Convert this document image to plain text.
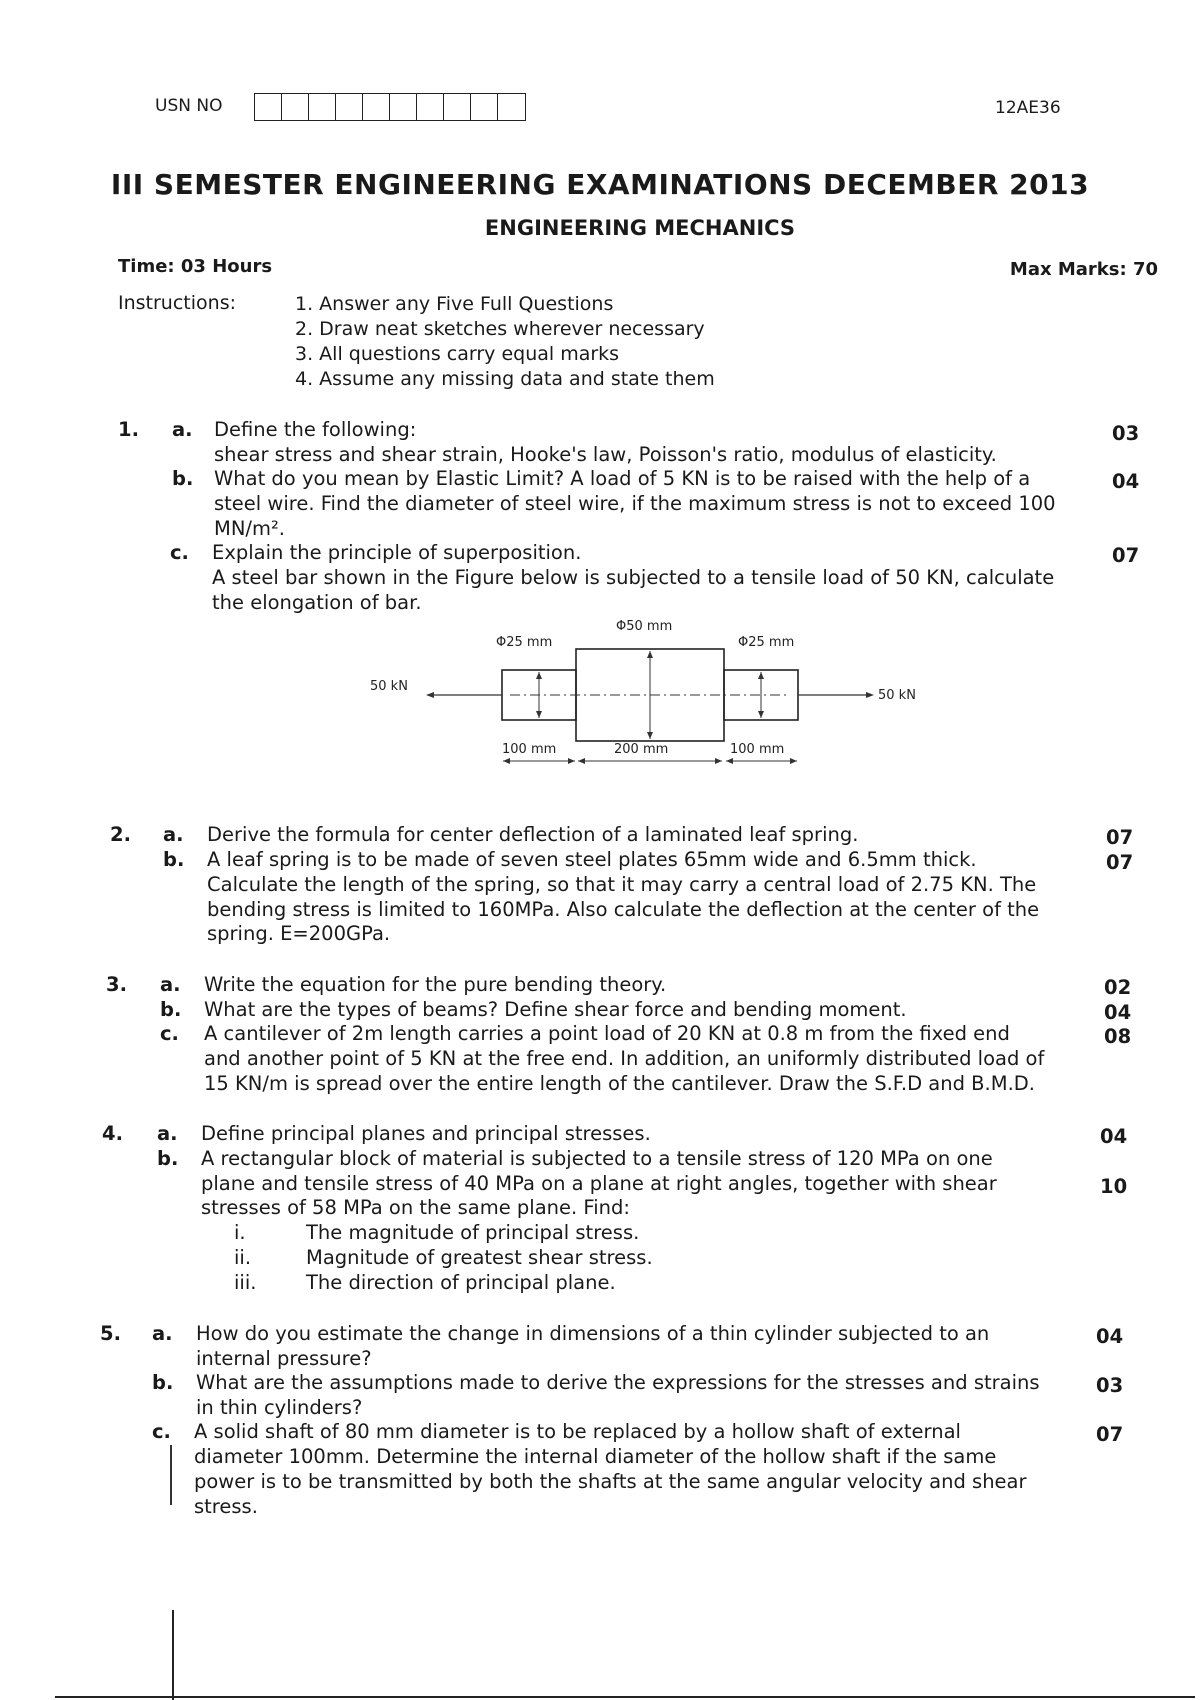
USN NO	12AE36
III SEMESTER ENGINEERING EXAMINATIONS DECEMBER 2013
ENGINEERING MECHANICS
Time: 03 Hours	Max Marks: 70
Instructions:	1. Answer any Five Full Questions
2. Draw neat sketches wherever necessary
3. All questions carry equal marks
4. Assume any missing data and state them
1. a. Define the following:
shear stress and shear strain, Hooke's law, Poisson's ratio, modulus of elasticity.
03
b. What do you mean by Elastic Limit? A load of 5 KN is to be raised with the help of a
steel wire. Find the diameter of steel wire, if the maximum stress is not to exceed 100
MN/m².
04
c. Explain the principle of superposition.
A steel bar shown in the Figure below is subjected to a tensile load of 50 KN, calculate
the elongation of bar.
07
Φ25 mm
Φ50 mm
Φ25 mm
50 kN
50 kN
100 mm	200 mm	100 mm
2. a. Derive the formula for center deflection of a laminated leaf spring.	07
b. A leaf spring is to be made of seven steel plates 65mm wide and 6.5mm thick.
Calculate the length of the spring, so that it may carry a central load of 2.75 KN. The
bending stress is limited to 160MPa. Also calculate the deflection at the center of the
spring. E=200GPa.
07
3. a. Write the equation for the pure bending theory.	02
b. What are the types of beams? Define shear force and bending moment.	04
c. A cantilever of 2m length carries a point load of 20 KN at 0.8 m from the fixed end
and another point of 5 KN at the free end. In addition, an uniformly distributed load of
15 KN/m is spread over the entire length of the cantilever. Draw the S.F.D and B.M.D.
08
4. a. Define principal planes and principal stresses.	04
b. A rectangular block of material is subjected to a tensile stress of 120 MPa on one
plane and tensile stress of 40 MPa on a plane at right angles, together with shear
stresses of 58 MPa on the same plane. Find:
10
i.	The magnitude of principal stress.
ii.	Magnitude of greatest shear stress.
iii.	The direction of principal plane.
5. a. How do you estimate the change in dimensions of a thin cylinder subjected to an
internal pressure?
04
b. What are the assumptions made to derive the expressions for the stresses and strains
in thin cylinders?
03
c. A solid shaft of 80 mm diameter is to be replaced by a hollow shaft of external
diameter 100mm. Determine the internal diameter of the hollow shaft if the same
power is to be transmitted by both the shafts at the same angular velocity and shear
stress.
07
